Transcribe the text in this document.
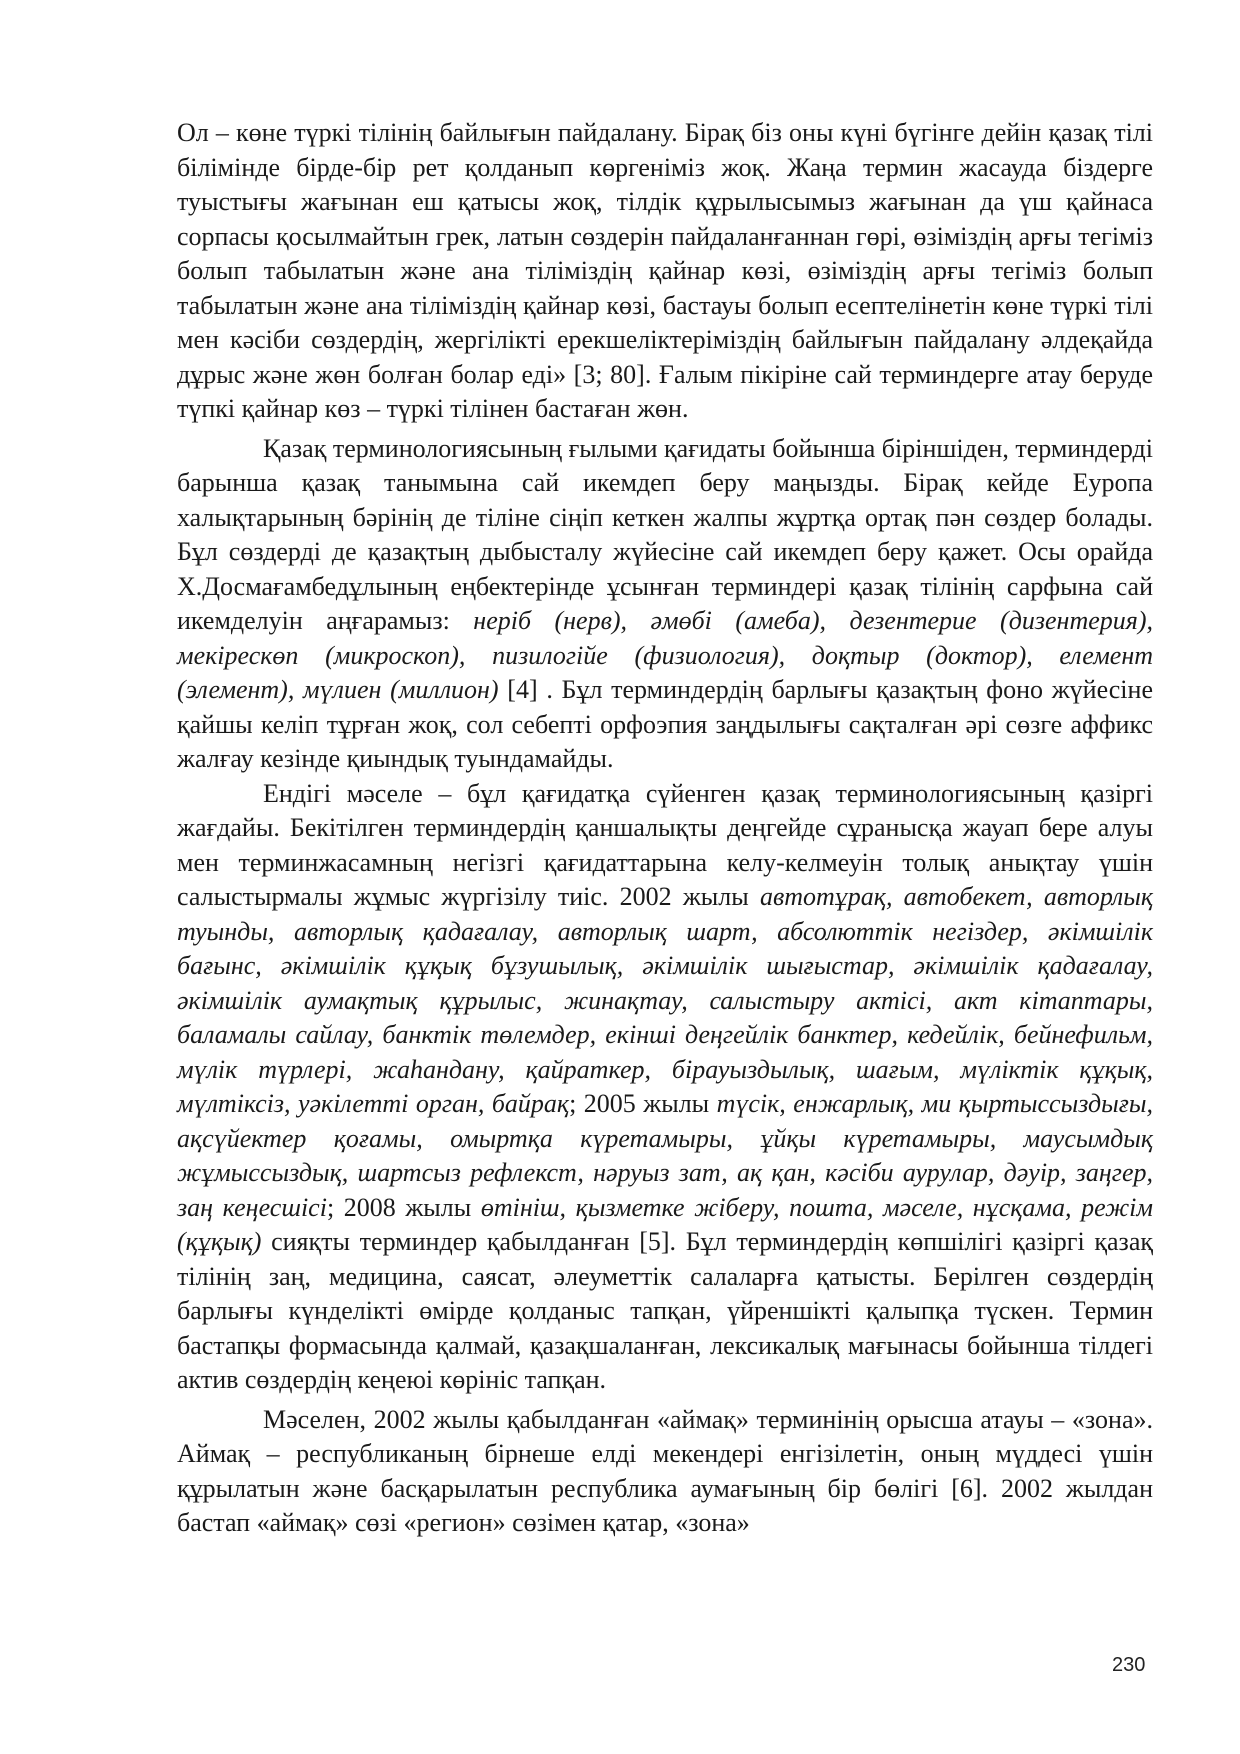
Ол – көне түркі тілінің байлығын пайдалану. Бірақ біз оны күні бүгінге дейін қазақ тілі білімінде бірде-бір рет қолданып көргеніміз жоқ. Жаңа термин жасауда біздерге туыстығы жағынан еш қатысы жоқ, тілдік құрылысымыз жағынан да үш қайнаса сорпасы қосылмайтын грек, латын сөздерін пайдаланғаннан гөрі, өзіміздің арғы тегіміз болып табылатын және ана тіліміздің қайнар көзі, өзіміздің арғы тегіміз болып табылатын және ана тіліміздің қайнар көзі, бастауы болып есептелінетін көне түркі тілі мен кәсіби сөздердің, жергілікті ерекшеліктеріміздің байлығын пайдалану әлдеқайда дұрыс және жөн болған болар еді» [3; 80]. Ғалым пікіріне сай терминдерге атау беруде түпкі қайнар көз – түркі тілінен бастаған жөн.

Қазақ терминологиясының ғылыми қағидаты бойынша біріншіден, терминдерді барынша қазақ танымына сай икемдеп беру маңызды. Бірақ кейде Еуропа халықтарының бәрінің де тіліне сіңіп кеткен жалпы жұртқа ортақ пән сөздер болады. Бұл сөздерді де қазақтың дыбысталу жүйесіне сай икемдеп беру қажет. Осы орайда Х.Досмағамбедұлының еңбектерінде ұсынған терминдері қазақ тілінің сарфына сай икемделуін аңғарамыз: неріб (нерв), әмөбі (амеба), дезентерие (дизентерия), мекірескөп (микроскоп), пизилогійе (физиология), доқтыр (доктор), елемент (элемент), мүлиен (миллион) [4] . Бұл терминдердің барлығы қазақтың фоно жүйесіне қайшы келіп тұрған жоқ, сол себепті орфоэпия заңдылығы сақталған әрі сөзге аффикс жалғау кезінде қиындық туындамайды.

Ендігі мәселе – бұл қағидатқа сүйенген қазақ терминологиясының қазіргі жағдайы. Бекітілген терминдердің қаншалықты деңгейде сұранысқа жауап бере алуы мен терминжасамның негізгі қағидаттарына келу-келмеуін толық анықтау үшін салыстырмалы жұмыс жүргізілу тиіс. 2002 жылы автотұрақ, автобекет, авторлық туынды, авторлық қадағалау, авторлық шарт, абсолюттік негіздер, әкімшілік бағынс, әкімшілік құқық бұзушылық, әкімшілік шығыстар, әкімшілік қадағалау, әкімшілік аумақтық құрылыс, жинақтау, салыстыру актісі, акт кітаптары, баламалы сайлау, банктік төлемдер, екінші деңгейлік банктер, кедейлік, бейнефильм, мүлік түрлері, жаһандану, қайраткер, бірауыздылық, шағым, мүліктік құқық, мүлтіксіз, уәкілетті орган, байрақ; 2005 жылы түсік, енжарлық, ми қыртыссыздығы, ақсүйектер қоғамы, омыртқа күретамыры, ұйқы күретамыры, маусымдық жұмыссыздық, шартсыз рефлекст, нәруыз зат, ақ қан, кәсіби аурулар, дәуір, заңгер, заң кеңесшісі; 2008 жылы өтініш, қызметке жіберу, пошта, мәселе, нұсқама, режім (құқық) сияқты терминдер қабылданған [5]. Бұл терминдердің көпшілігі қазіргі қазақ тілінің заң, медицина, саясат, әлеуметтік салаларға қатысты. Берілген сөздердің барлығы күнделікті өмірде қолданыс тапқан, үйреншікті қалыпқа түскен. Термин бастапқы формасында қалмай, қазақшаланған, лексикалық мағынасы бойынша тілдегі актив сөздердің кеңеюі көрініс тапқан.

Мәселен, 2002 жылы қабылданған «аймақ» терминінің орысша атауы – «зона». Аймақ – республиканың бірнеше елді мекендері енгізілетін, оның мүддесі үшін құрылатын және басқарылатын республика аумағының бір бөлігі [6]. 2002 жылдан бастап «аймақ» сөзі «регион» сөзімен қатар, «зона»

230
